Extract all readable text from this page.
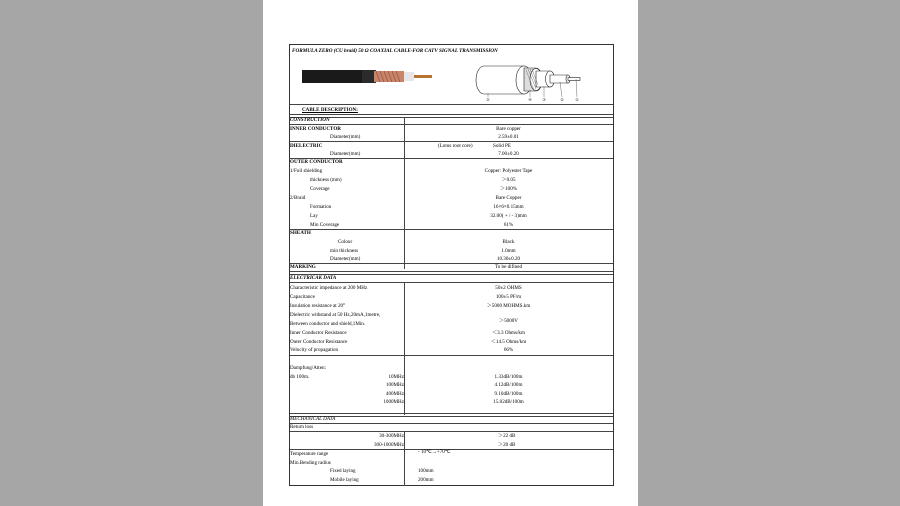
FORMULA ZERO (CU braid) 50 Ω COAXIAL CABLE-FOR CATV SIGNAL TRANSMISSION
⑤	④	③	②	①
CABLE DESCRIPTION:
CONSTRUCTION
INNER CONDUCTOR	Bare copper
Diameter(mm)	2.59±0.01
DIELECTRIC	(Lotus root core)	Solid PE
Diameter(mm)	7.00±0.20
OUTER CONDUCTOR
1/Foil shielding	Copper: Polyester Tape
thickness (mm)	＞0.05
Coverage	＞100%
2/Braid	Bare Copper
Formation	16×6×0.15mm
Lay	32.00( + / - 3)mm
Min Coverage	61%
SHEATH
Colour	Black
min thickness	1.0mm
Diameter(mm)	10.30±0.20
MARKING	To be difined
ELECTRICAK DATA
Characteristic impedance at 200 MHz	50±2 OHMS
Capacitance	100±5 PF/m
Insulation resistance at 20°	＞5000 MOHMS.km
Dielectric withstand at 50 Hz,20mA,1metre,
Between conductor and shield,1Min.	＞5000V
Inner Conductor Resistance	＜3.3 Ohms/km
Outer Conductor Resistance	＜14.5 Ohms/km
Velocity of propagation	66%
Dampfung/Atten:
db 100m.	10MHz	1.33dB/100m
100MHz	4.12dB/100m
400MHz	9.10dB/100m
1000MHz	15.02dB/100m
MECHANICAL DATA
Return loss
30-300MHz	＞22 dB
300-1000MHz	＞20 dB
Temperature range	- 10℃→+70℃
Min.Bending radius
Fixed laying	100mm
Mobile laying	200mm
